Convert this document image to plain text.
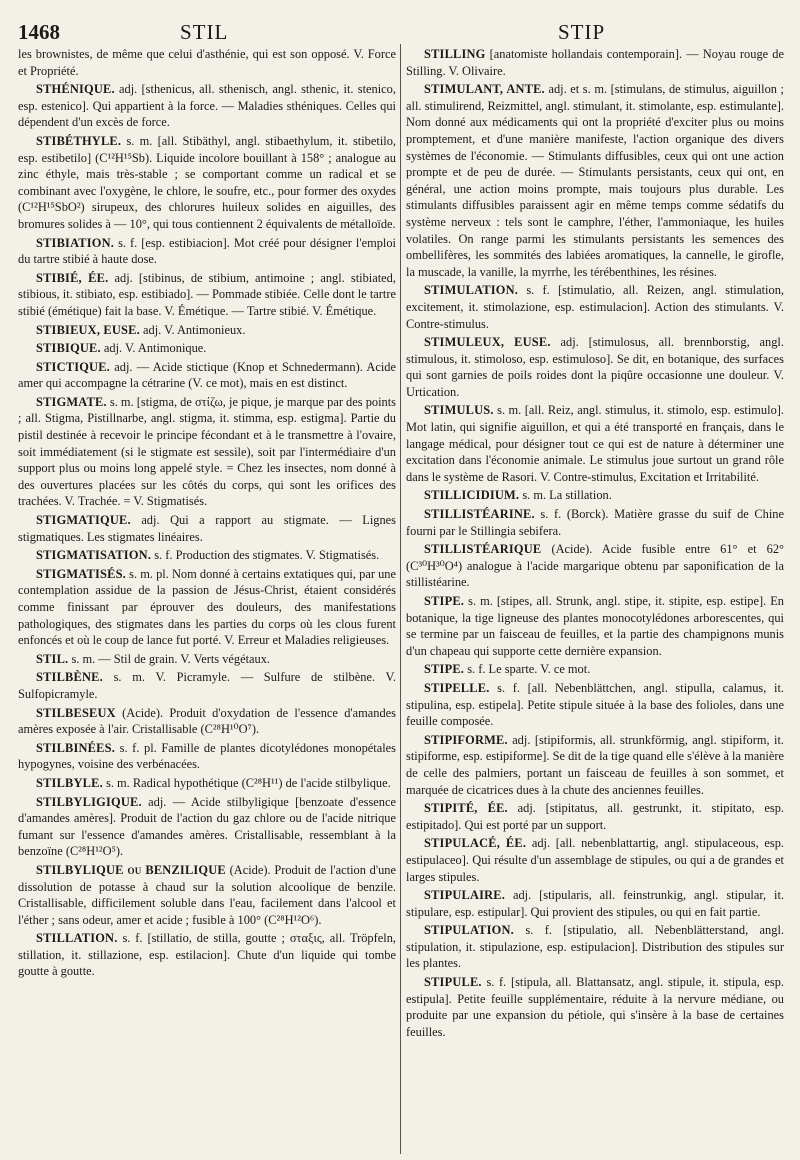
1468	STIL	STIP

les brownistes, de même que celui d'asthénie, qui est son opposé. V. Force et Propriété.

STHÉNIQUE. adj. [sthenicus, all. sthenisch, angl. sthenic, it. stenico, esp. estenico]. Qui appartient à la force. — Maladies sthéniques. Celles qui dépendent d'un excès de force.

STIBÉTHYLE. s. m. [all. Stibäthyl, angl. stibaethylum, it. stibetilo, esp. estibetilo] (C¹²H¹⁵Sb). Liquide incolore bouillant à 158° ; analogue au zinc éthyle, mais très-stable ; se comportant comme un radical et se combinant avec l'oxygène, le chlore, le soufre, etc., pour former des oxydes (C¹²H¹⁵SbO²) sirupeux, des chlorures huileux solides en aiguilles, des bromures solides à — 10°, qui tous contiennent 2 équivalents de métalloïde.

STIBIATION. s. f. [esp. estibiacion]. Mot créé pour désigner l'emploi du tartre stibié à haute dose.

STIBIÉ, ÉE. adj. [stibinus, de stibium, antimoine ; angl. stibiated, stibious, it. stibiato, esp. estibiado]. — Pommade stibiée. Celle dont le tartre stibié (émétique) fait la base. V. Émétique. — Tartre stibié. V. Émétique.

STIBIEUX, EUSE. adj. V. Antimonieux.

STIBIQUE. adj. V. Antimonique.

STICTIQUE. adj. — Acide stictique (Knop et Schnedermann). Acide amer qui accompagne la cétrarine (V. ce mot), mais en est distinct.

STIGMATE. s. m. [stigma, de στίζω, je pique, je marque par des points ; all. Stigma, Pistillnarbe, angl. stigma, it. stimma, esp. estigma]. Partie du pistil destinée à recevoir le principe fécondant et à le transmettre à l'ovaire, soit immédiatement (si le stigmate est sessile), soit par l'intermédiaire d'un support plus ou moins long appelé style. = Chez les insectes, nom donné à des ouvertures placées sur les côtés du corps, qui sont les orifices des trachées. V. Trachée. = V. Stigmatisés.

STIGMATIQUE. adj. Qui a rapport au stigmate. — Lignes stigmatiques. Les stigmates linéaires.

STIGMATISATION. s. f. Production des stigmates. V. Stigmatisés.

STIGMATISÉS. s. m. pl. Nom donné à certains extatiques qui, par une contemplation assidue de la passion de Jésus-Christ, étaient considérés comme finissant par éprouver des douleurs, des manifestations pathologiques, des stigmates dans les parties du corps où les clous furent enfoncés et où le coup de lance fut porté. V. Erreur et Maladies religieuses.

STIL. s. m. — Stil de grain. V. Verts végétaux.

STILBÈNE. s. m. V. Picramyle. — Sulfure de stilbène. V. Sulfopicramyle.

STILBESEUX (Acide). Produit d'oxydation de l'essence d'amandes amères exposée à l'air. Cristallisable (C²⁸H¹⁰O⁷).

STILBINÉES. s. f. pl. Famille de plantes dicotylédones monopétales hypogynes, voisine des verbénacées.

STILBYLE. s. m. Radical hypothétique (C²⁸H¹¹) de l'acide stilbylique.

STILBYLIGIQUE. adj. — Acide stilbyligique [benzoate d'essence d'amandes amères]. Produit de l'action du gaz chlore ou de l'acide nitrique fumant sur l'essence d'amandes amères. Cristallisable, ressemblant à la benzoïne (C²⁸H¹²O⁵).

STILBYLIQUE ou BENZILIQUE (Acide). Produit de l'action d'une dissolution de potasse à chaud sur la solution alcoolique de benzile. Cristallisable, difficilement soluble dans l'eau, facilement dans l'alcool et l'éther ; sans odeur, amer et acide ; fusible à 100° (C²⁸H¹²O⁶).

STILLATION. s. f. [stillatio, de stilla, goutte ; σταξις, all. Tröpfeln, stillation, it. stillazione, esp. estilacion]. Chute d'un liquide qui tombe goutte à goutte.

STILLING [anatomiste hollandais contemporain]. — Noyau rouge de Stilling. V. Olivaire.

STIMULANT, ANTE. adj. et s. m. [stimulans, de stimulus, aiguillon ; all. stimulirend, Reizmittel, angl. stimulant, it. stimolante, esp. estimulante]. Nom donné aux médicaments qui ont la propriété d'exciter plus ou moins promptement, et d'une manière manifeste, l'action organique des divers systèmes de l'économie. — Stimulants diffusibles, ceux qui ont une action prompte et de peu de durée. — Stimulants persistants, ceux qui ont, en général, une action moins prompte, mais toujours plus durable. Les stimulants diffusibles paraissent agir en même temps comme sédatifs du système nerveux : tels sont le camphre, l'éther, l'ammoniaque, les huiles volatiles. On range parmi les stimulants persistants les semences des ombellifères, les sommités des labiées aromatiques, la cannelle, le girofle, la muscade, la vanille, la myrrhe, les térébenthines, les résines.

STIMULATION. s. f. [stimulatio, all. Reizen, angl. stimulation, excitement, it. stimolazione, esp. estimulacion]. Action des stimulants. V. Contre-stimulus.

STIMULEUX, EUSE. adj. [stimulosus, all. brennborstig, angl. stimulous, it. stimoloso, esp. estimuloso]. Se dit, en botanique, des surfaces qui sont garnies de poils roides dont la piqûre occasionne une douleur. V. Urtication.

STIMULUS. s. m. [all. Reiz, angl. stimulus, it. stimolo, esp. estimulo]. Mot latin, qui signifie aiguillon, et qui a été transporté en français, dans le langage médical, pour désigner tout ce qui est de nature à déterminer une excitation dans l'économie animale. Le stimulus joue surtout un grand rôle dans le système de Rasori. V. Contre-stimulus, Excitation et Irritabilité.

STILLICIDIUM. s. m. La stillation.

STILLISTÉARINE. s. f. (Borck). Matière grasse du suif de Chine fourni par le Stillingia sebifera.

STILLISTÉARIQUE (Acide). Acide fusible entre 61° et 62° (C³⁰H³⁰O⁴) analogue à l'acide margarique obtenu par saponification de la stillistéarine.

STIPE. s. m. [stipes, all. Strunk, angl. stipe, it. stipite, esp. estipe]. En botanique, la tige ligneuse des plantes monocotylédones arborescentes, qui se termine par un faisceau de feuilles, et la partie des champignons munis d'un chapeau qui supporte cette dernière expansion.

STIPE. s. f. Le sparte. V. ce mot.

STIPELLE. s. f. [all. Nebenblättchen, angl. stipulla, calamus, it. stipulina, esp. estipela]. Petite stipule située à la base des folioles, dans une feuille composée.

STIPIFORME. adj. [stipiformis, all. strunkförmig, angl. stipiform, it. stipiforme, esp. estipiforme]. Se dit de la tige quand elle s'élève à la manière de celle des palmiers, portant un faisceau de feuilles à son sommet, et marquée de cicatrices dues à la chute des anciennes feuilles.

STIPITÉ, ÉE. adj. [stipitatus, all. gestrunkt, it. stipitato, esp. estipitado]. Qui est porté par un support.

STIPULACÉ, ÉE. adj. [all. nebenblattartig, angl. stipulaceous, esp. estipulaceo]. Qui résulte d'un assemblage de stipules, ou qui a de grandes et larges stipules.

STIPULAIRE. adj. [stipularis, all. feinstrunkig, angl. stipular, it. stipulare, esp. estipular]. Qui provient des stipules, ou qui en fait partie.

STIPULATION. s. f. [stipulatio, all. Nebenblätterstand, angl. stipulation, it. stipulazione, esp. estipulacion]. Distribution des stipules sur les plantes.

STIPULE. s. f. [stipula, all. Blattansatz, angl. stipule, it. stipula, esp. estipula]. Petite feuille supplémentaire, réduite à la nervure médiane, ou produite par une expansion du pétiole, qui s'insère à la base de certaines feuilles.
